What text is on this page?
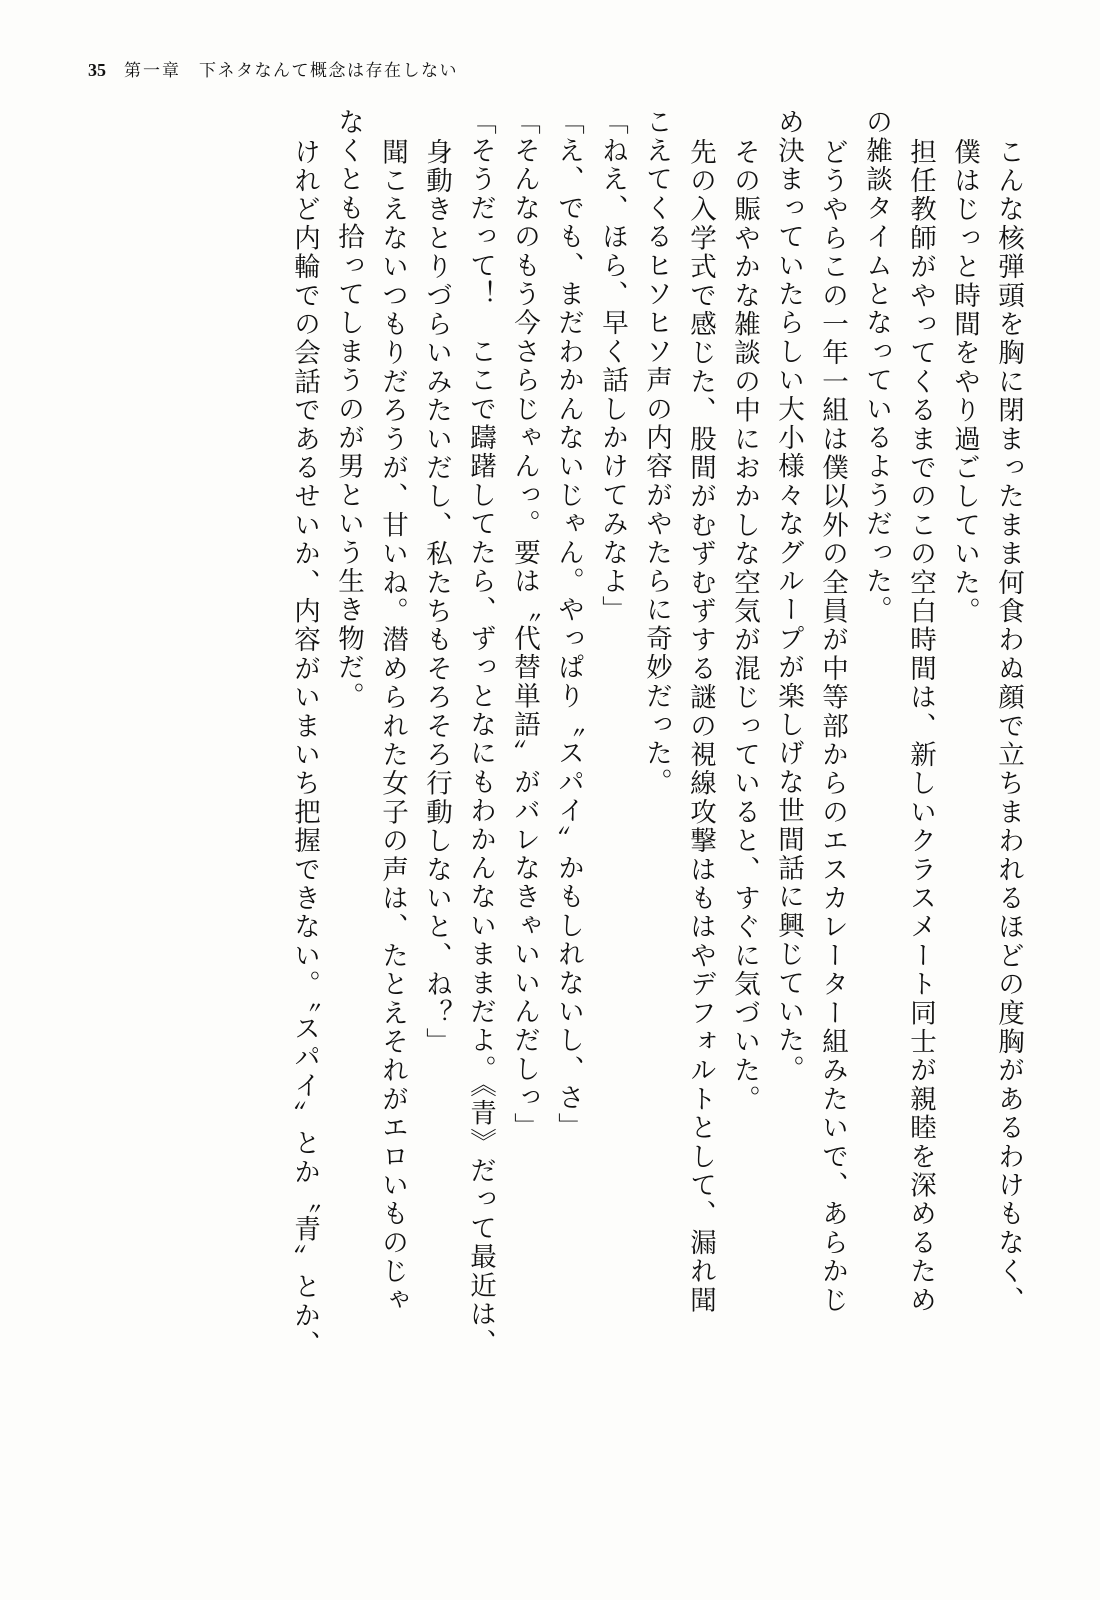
35 第一章 下ネタなんて概念は存在しない
こんな核弾頭を胸に閉まったまま何食わぬ顔で立ちまわれるほどの度胸があるわけもなく、
僕はじっと時間をやり過ごしていた。
担任教師がやってくるまでのこの空白時間は、新しいクラスメート同士が親睦を深めるため
の雑談タイムとなっているようだった。
どうやらこの一年一組は僕以外の全員が中等部からのエスカレーター組みたいで、あらかじ
め決まっていたらしい大小様々なグループが楽しげな世間話に興じていた。
その賑やかな雑談の中におかしな空気が混じっていると、すぐに気づいた。
先の入学式で感じた、股間がむずむずする謎の視線攻撃はもはやデフォルトとして、漏れ聞
こえてくるヒソヒソ声の内容がやたらに奇妙だった。
「ねえ、ほら、早く話しかけてみなよ」
「え、でも、まだわかんないじゃん。やっぱり〝スパイ〟かもしれないし、さ」
「そんなのもう今さらじゃんっ。要は〝代替単語〟がバレなきゃいいんだしっ」
「そうだって！　ここで躊躇してたら、ずっとなにもわかんないままだよ。《青》だって最近は、
身動きとりづらいみたいだし、私たちもそろそろ行動しないと、ね？」
聞こえないつもりだろうが、甘いね。潜められた女子の声は、たとえそれがエロいものじゃ
なくとも拾ってしまうのが男という生き物だ。
けれど内輪での会話であるせいか、内容がいまいち把握できない。〝スパイ〟とか〝青〟とか、
